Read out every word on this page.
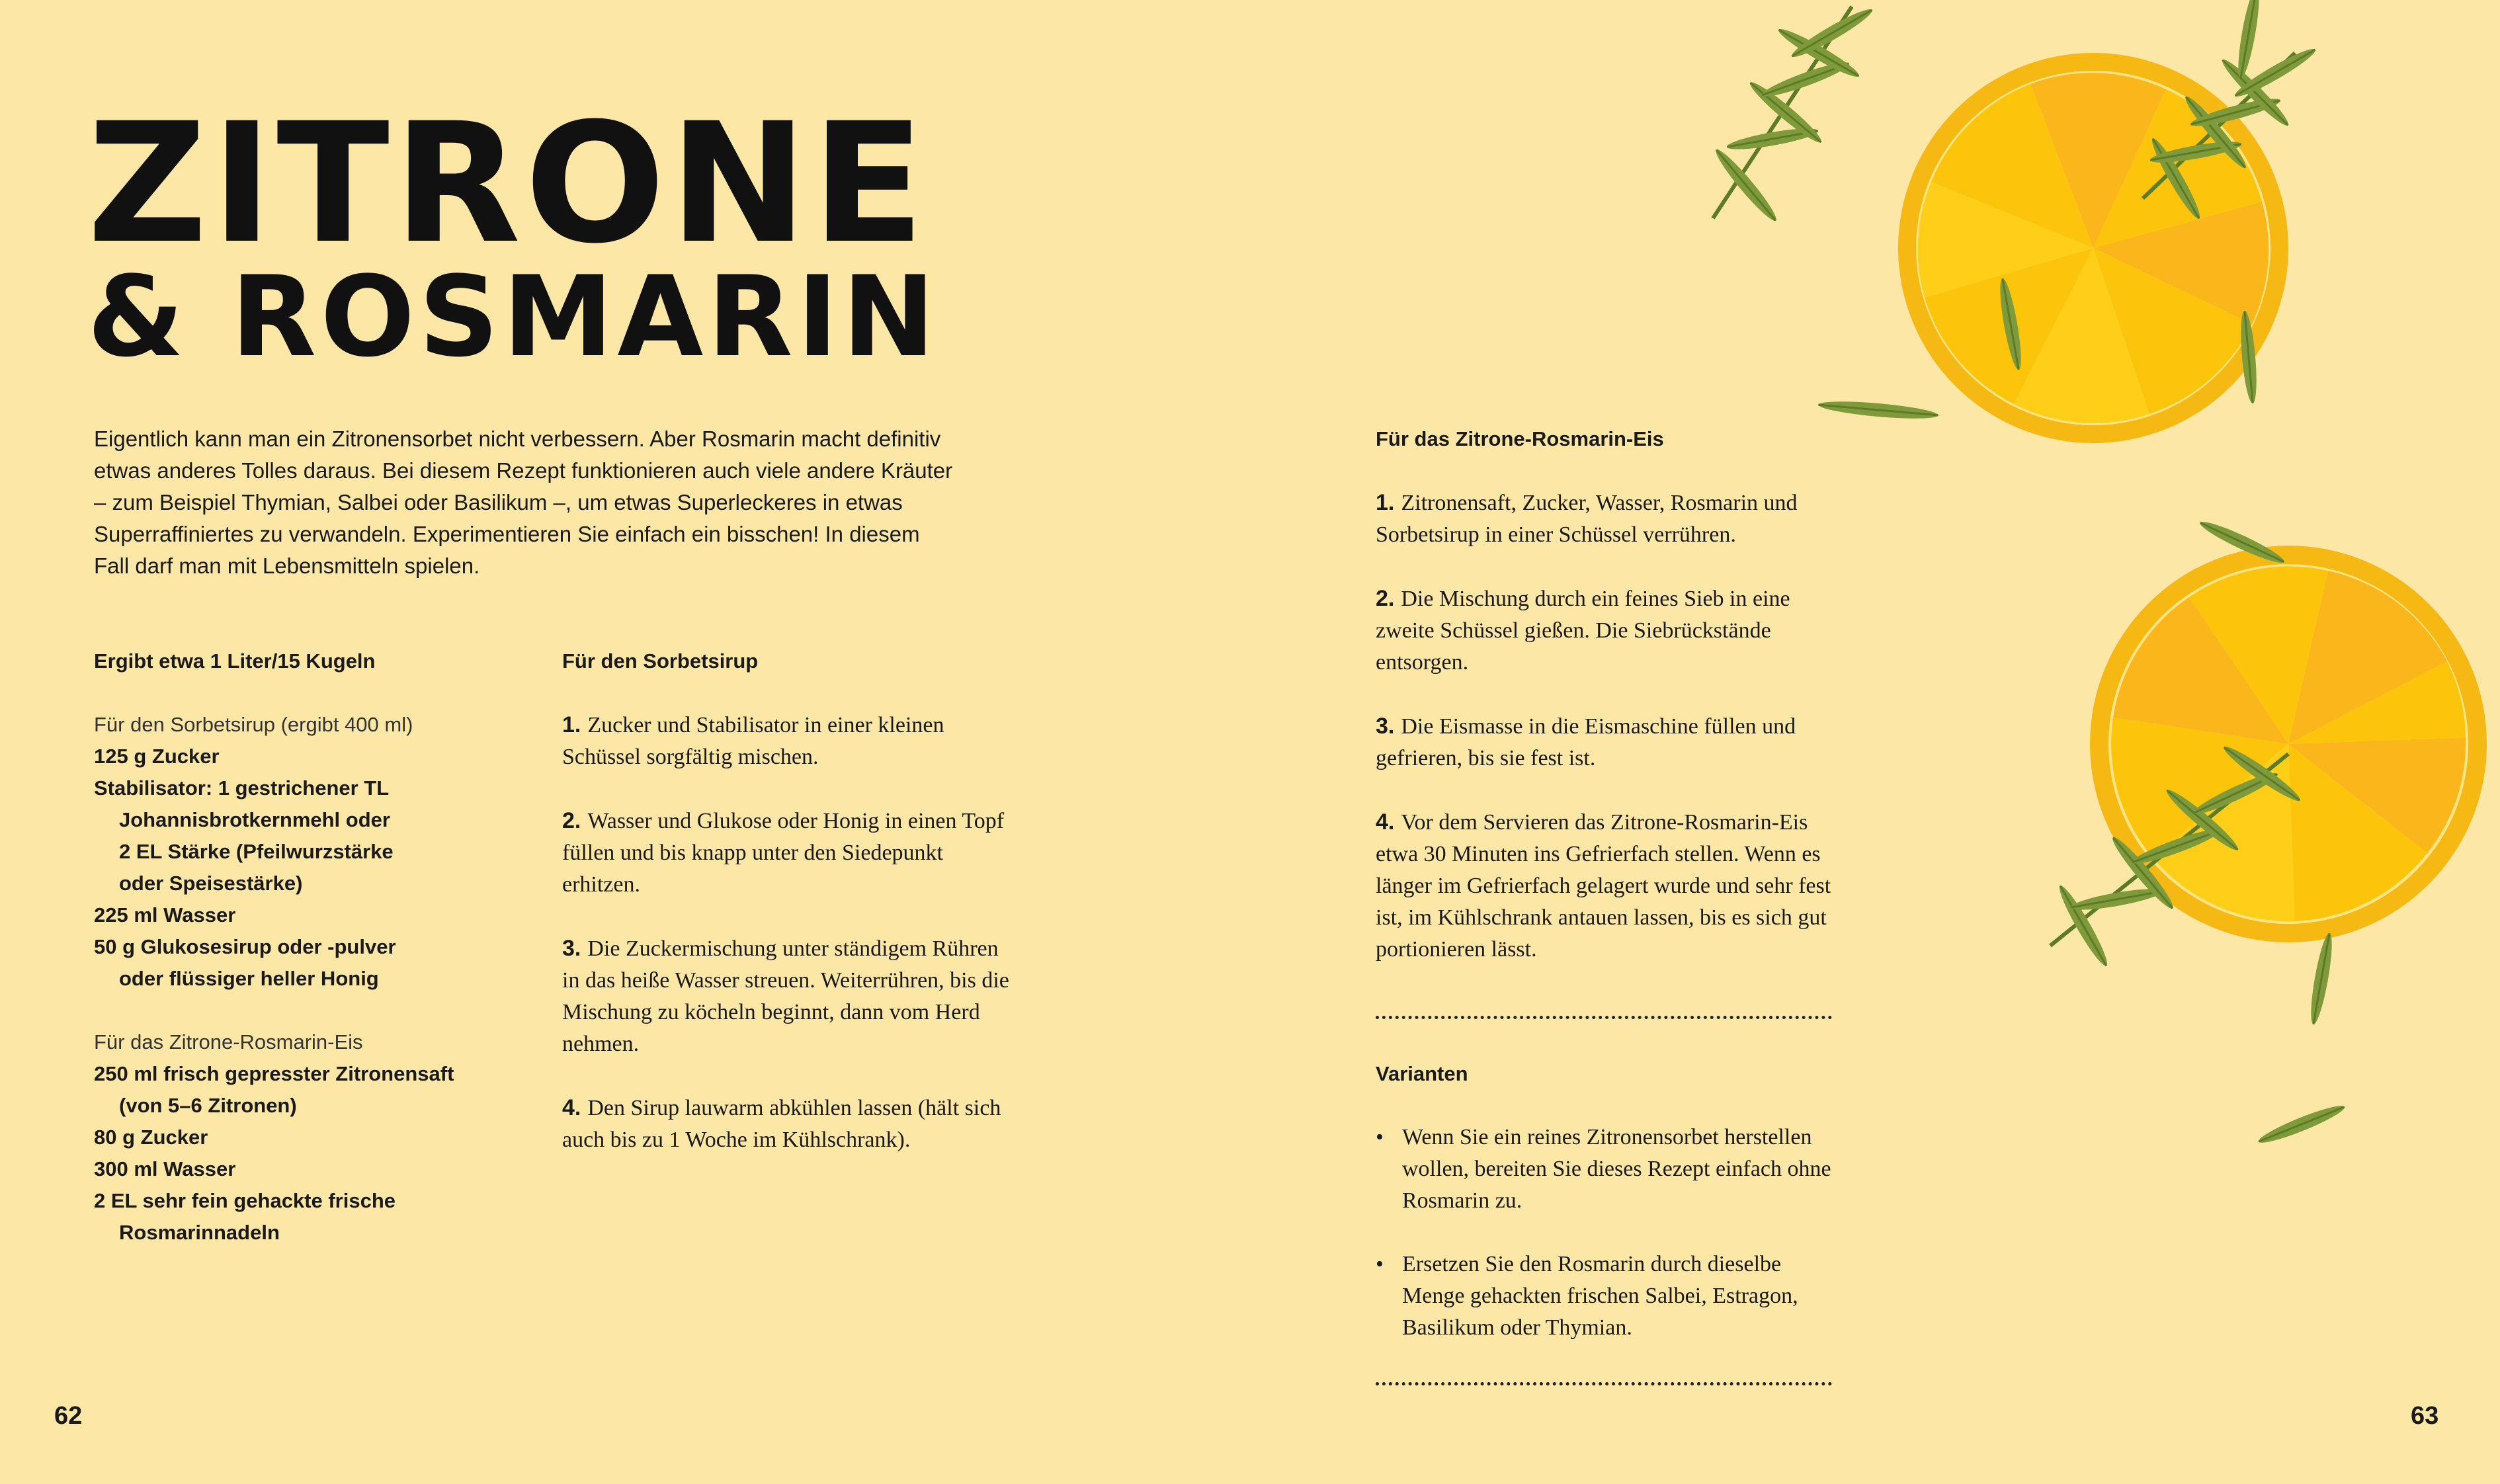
ZITRONE
& ROSMARIN

Eigentlich kann man ein Zitronensorbet nicht verbessern. Aber Rosmarin macht definitiv etwas anderes Tolles daraus. Bei diesem Rezept funktionieren auch viele andere Kräuter – zum Beispiel Thymian, Salbei oder Basilikum –, um etwas Superleckeres in etwas Superraffiniertes zu verwandeln. Experimentieren Sie einfach ein bisschen! In diesem Fall darf man mit Lebensmitteln spielen.

Ergibt etwa 1 Liter/15 Kugeln

Für den Sorbetsirup (ergibt 400 ml)

125 g Zucker

Stabilisator: 1 gestrichener TL

Johannisbrotkernmehl oder

2 EL Stärke (Pfeilwurzstärke

oder Speisestärke)

225 ml Wasser

50 g Glukosesirup oder -pulver

oder flüssiger heller Honig

Für das Zitrone-Rosmarin-Eis

250 ml frisch gepresster Zitronensaft

(von 5–6 Zitronen)

80 g Zucker

300 ml Wasser

2 EL sehr fein gehackte frische

Rosmarinnadeln

Für den Sorbetsirup

1. Zucker und Stabilisator in einer kleinen Schüssel sorgfältig mischen.

2. Wasser und Glukose oder Honig in einen Topf füllen und bis knapp unter den Siedepunkt erhitzen.

3. Die Zuckermischung unter ständigem Rühren in das heiße Wasser streuen. Weiterrühren, bis die Mischung zu köcheln beginnt, dann vom Herd nehmen.

4. Den Sirup lauwarm abkühlen lassen (hält sich auch bis zu 1 Woche im Kühlschrank).

Für das Zitrone-Rosmarin-Eis

1. Zitronensaft, Zucker, Wasser, Rosmarin und Sorbetsirup in einer Schüssel verrühren.

2. Die Mischung durch ein feines Sieb in eine zweite Schüssel gießen. Die Siebrückstände entsorgen.

3. Die Eismasse in die Eismaschine füllen und gefrieren, bis sie fest ist.

4. Vor dem Servieren das Zitrone-Rosmarin-Eis etwa 30 Minuten ins Gefrierfach stellen. Wenn es länger im Gefrierfach gelagert wurde und sehr fest ist, im Kühlschrank antauen lassen, bis es sich gut portionieren lässt.

Varianten

• Wenn Sie ein reines Zitronensorbet herstellen wollen, bereiten Sie dieses Rezept einfach ohne Rosmarin zu.
• Ersetzen Sie den Rosmarin durch dieselbe Menge gehackten frischen Salbei, Estragon, Basilikum oder Thymian.
62	63
